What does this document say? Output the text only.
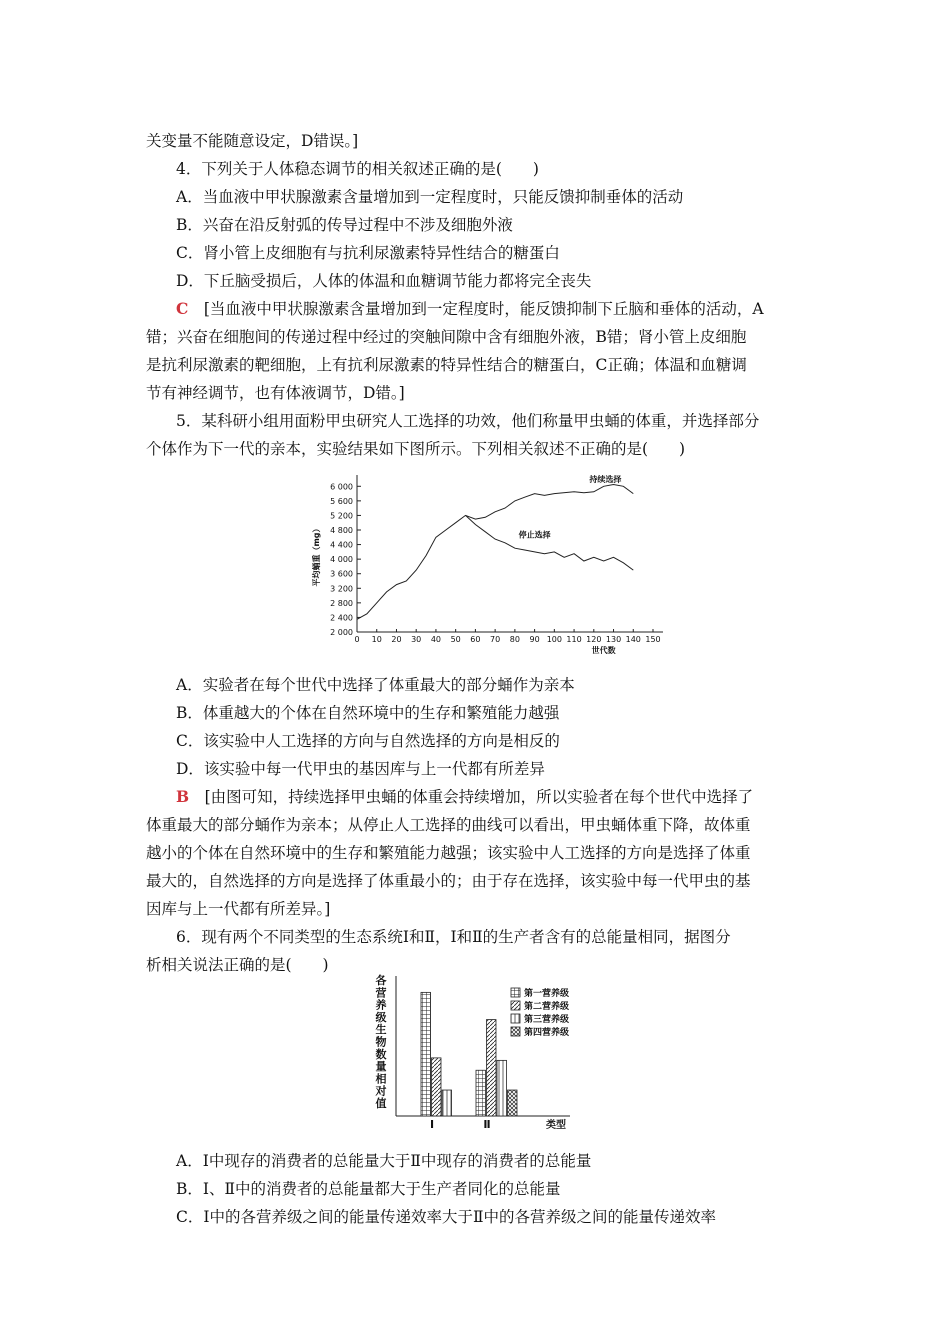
关变量不能随意设定，D错误。]
4．下列关于人体稳态调节的相关叙述正确的是(　　)
A．当血液中甲状腺激素含量增加到一定程度时，只能反馈抑制垂体的活动
B．兴奋在沿反射弧的传导过程中不涉及细胞外液
C．肾小管上皮细胞有与抗利尿激素特异性结合的糖蛋白
D．下丘脑受损后，人体的体温和血糖调节能力都将完全丧失
C　[当血液中甲状腺激素含量增加到一定程度时，能反馈抑制下丘脑和垂体的活动，A
错；兴奋在细胞间的传递过程中经过的突触间隙中含有细胞外液，B错；肾小管上皮细胞
是抗利尿激素的靶细胞，上有抗利尿激素的特异性结合的糖蛋白，C正确；体温和血糖调
节有神经调节，也有体液调节，D错。]
5．某科研小组用面粉甲虫研究人工选择的功效，他们称量甲虫蛹的体重，并选择部分
个体作为下一代的亲本，实验结果如下图所示。下列相关叙述不正确的是(　　)
2 000
2 400
2 800
3 200
3 600
4 000
4 400
4 800
5 200
5 600
6 000
0 10 20 30 40 50 60 70 80 90 100 110 120 130 140 150
世代数
平均蛹重（mg）
持续选择
停止选择
A．实验者在每个世代中选择了体重最大的部分蛹作为亲本
B．体重越大的个体在自然环境中的生存和繁殖能力越强
C．该实验中人工选择的方向与自然选择的方向是相反的
D．该实验中每一代甲虫的基因库与上一代都有所差异
B　[由图可知，持续选择甲虫蛹的体重会持续增加，所以实验者在每个世代中选择了
体重最大的部分蛹作为亲本；从停止人工选择的曲线可以看出，甲虫蛹体重下降，故体重
越小的个体在自然环境中的生存和繁殖能力越强；该实验中人工选择的方向是选择了体重
最大的，自然选择的方向是选择了体重最小的；由于存在选择，该实验中每一代甲虫的基
因库与上一代都有所差异。]
6．现有两个不同类型的生态系统Ⅰ和Ⅱ，Ⅰ和Ⅱ的生产者含有的总能量相同，据图分
析相关说法正确的是(　　)
各
营
养
级
生
物
数
量
相
对
值
Ⅰ	Ⅱ	类型
第一营养级
第二营养级
第三营养级
第四营养级
A．Ⅰ中现存的消费者的总能量大于Ⅱ中现存的消费者的总能量
B．Ⅰ、Ⅱ中的消费者的总能量都大于生产者同化的总能量
C．Ⅰ中的各营养级之间的能量传递效率大于Ⅱ中的各营养级之间的能量传递效率
